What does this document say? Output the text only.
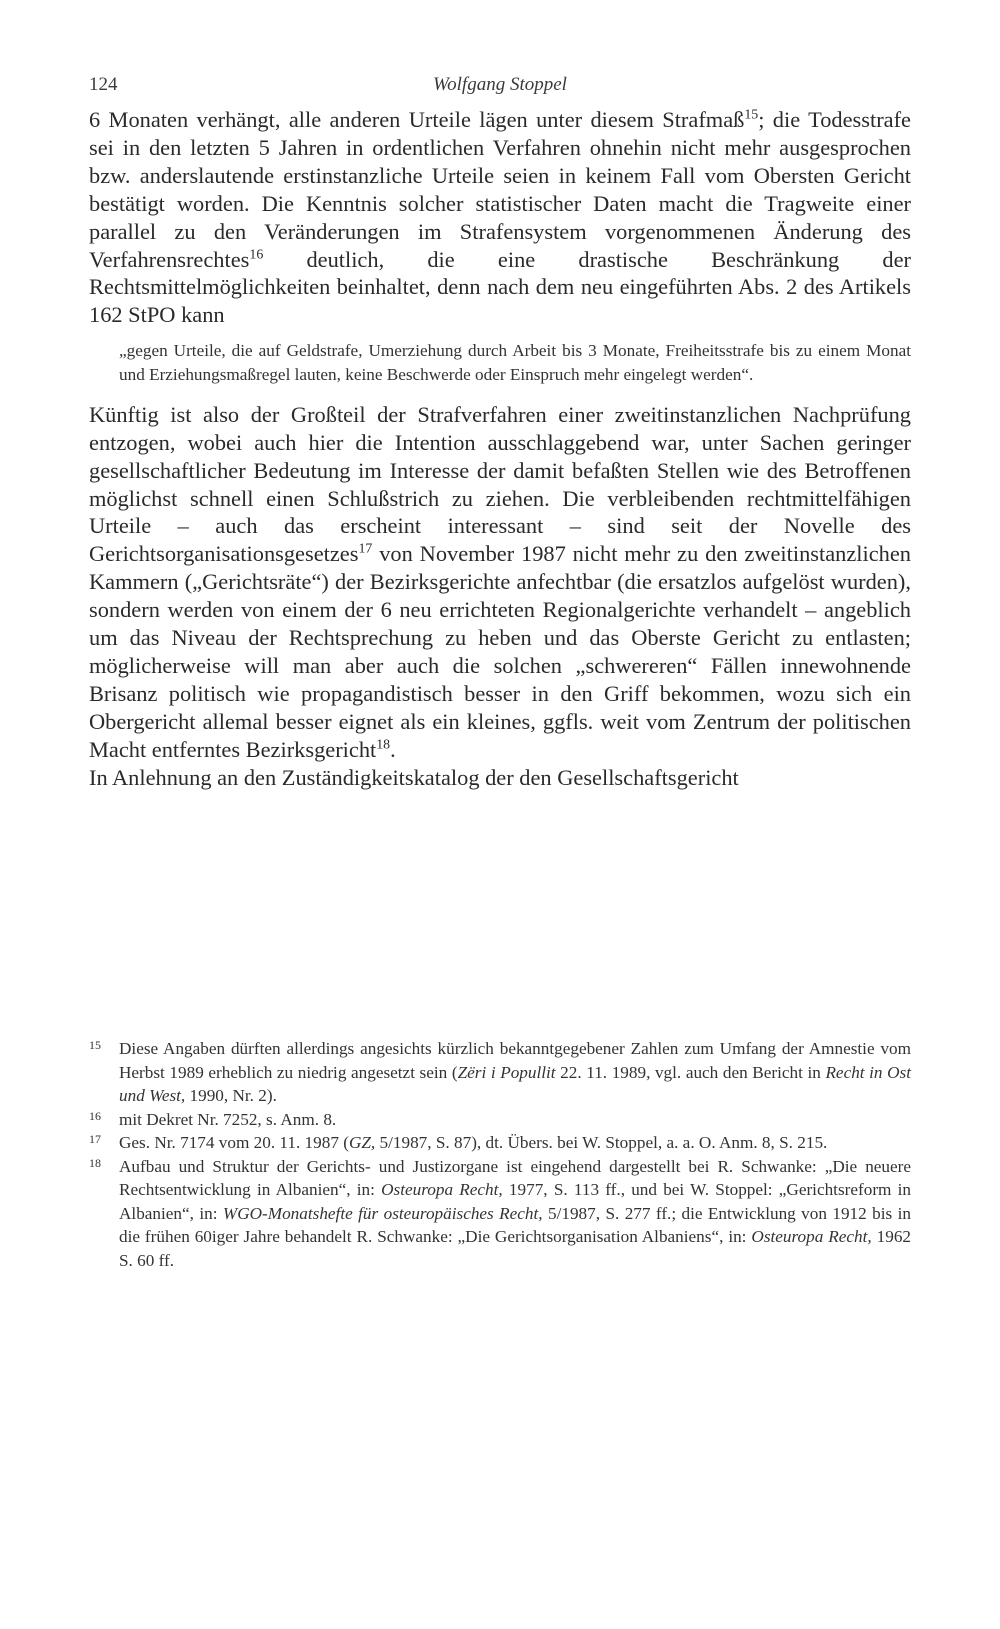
124	Wolfgang Stoppel

6 Monaten verhängt, alle anderen Urteile lägen unter diesem Strafmaß$^{15}$; die Todesstrafe sei in den letzten 5 Jahren in ordentlichen Verfahren ohnehin nicht mehr ausgesprochen bzw. anderslautende erstinstanzliche Urteile seien in keinem Fall vom Obersten Gericht bestätigt worden. Die Kenntnis solcher statistischer Daten macht die Tragweite einer parallel zu den Veränderungen im Strafensystem vorgenommenen Änderung des Verfahrensrechtes$^{16}$ deutlich, die eine drastische Beschränkung der Rechtsmittelmöglichkeiten beinhaltet, denn nach dem neu eingeführten Abs. 2 des Artikels 162 StPO kann

„gegen Urteile, die auf Geldstrafe, Umerziehung durch Arbeit bis 3 Monate, Freiheitsstrafe bis zu einem Monat und Erziehungsmaßregel lauten, keine Beschwerde oder Einspruch mehr eingelegt werden“.

Künftig ist also der Großteil der Strafverfahren einer zweitinstanzlichen Nachprüfung entzogen, wobei auch hier die Intention ausschlaggebend war, unter Sachen geringer gesellschaftlicher Bedeutung im Interesse der damit befaßten Stellen wie des Betroffenen möglichst schnell einen Schlußstrich zu ziehen. Die verbleibenden rechtmittelfähigen Urteile – auch das erscheint interessant – sind seit der Novelle des Gerichtsorganisationsgesetzes$^{17}$ von November 1987 nicht mehr zu den zweitinstanzlichen Kammern („Gerichtsräte“) der Bezirksgerichte anfechtbar (die ersatzlos aufgelöst wurden), sondern werden von einem der 6 neu errichteten Regionalgerichte verhandelt – angeblich um das Niveau der Rechtsprechung zu heben und das Oberste Gericht zu entlasten; möglicherweise will man aber auch die solchen „schwereren“ Fällen innewohnende Brisanz politisch wie propagandistisch besser in den Griff bekommen, wozu sich ein Obergericht allemal besser eignet als ein kleines, ggfls. weit vom Zentrum der politischen Macht entferntes Bezirksgericht$^{18}$.

In Anlehnung an den Zuständigkeitskatalog der den Gesellschaftsgericht

15 Diese Angaben dürften allerdings angesichts kürzlich bekanntgegebener Zahlen zum Umfang der Amnestie vom Herbst 1989 erheblich zu niedrig angesetzt sein (Zëri i Popullit 22. 11. 1989, vgl. auch den Bericht in Recht in Ost und West, 1990, Nr. 2).
16 mit Dekret Nr. 7252, s. Anm. 8.
17 Ges. Nr. 7174 vom 20. 11. 1987 (GZ, 5/1987, S. 87), dt. Übers. bei W. Stoppel, a. a. O. Anm. 8, S. 215.
18 Aufbau und Struktur der Gerichts- und Justizorgane ist eingehend dargestellt bei R. Schwanke: „Die neuere Rechtsentwicklung in Albanien“, in: Osteuropa Recht, 1977, S. 113 ff., und bei W. Stoppel: „Gerichtsreform in Albanien“, in: WGO-Monatshefte für osteuropäisches Recht, 5/1987, S. 277 ff.; die Entwicklung von 1912 bis in die frühen 60iger Jahre behandelt R. Schwanke: „Die Gerichtsorganisation Albaniens“, in: Osteuropa Recht, 1962 S. 60 ff.
